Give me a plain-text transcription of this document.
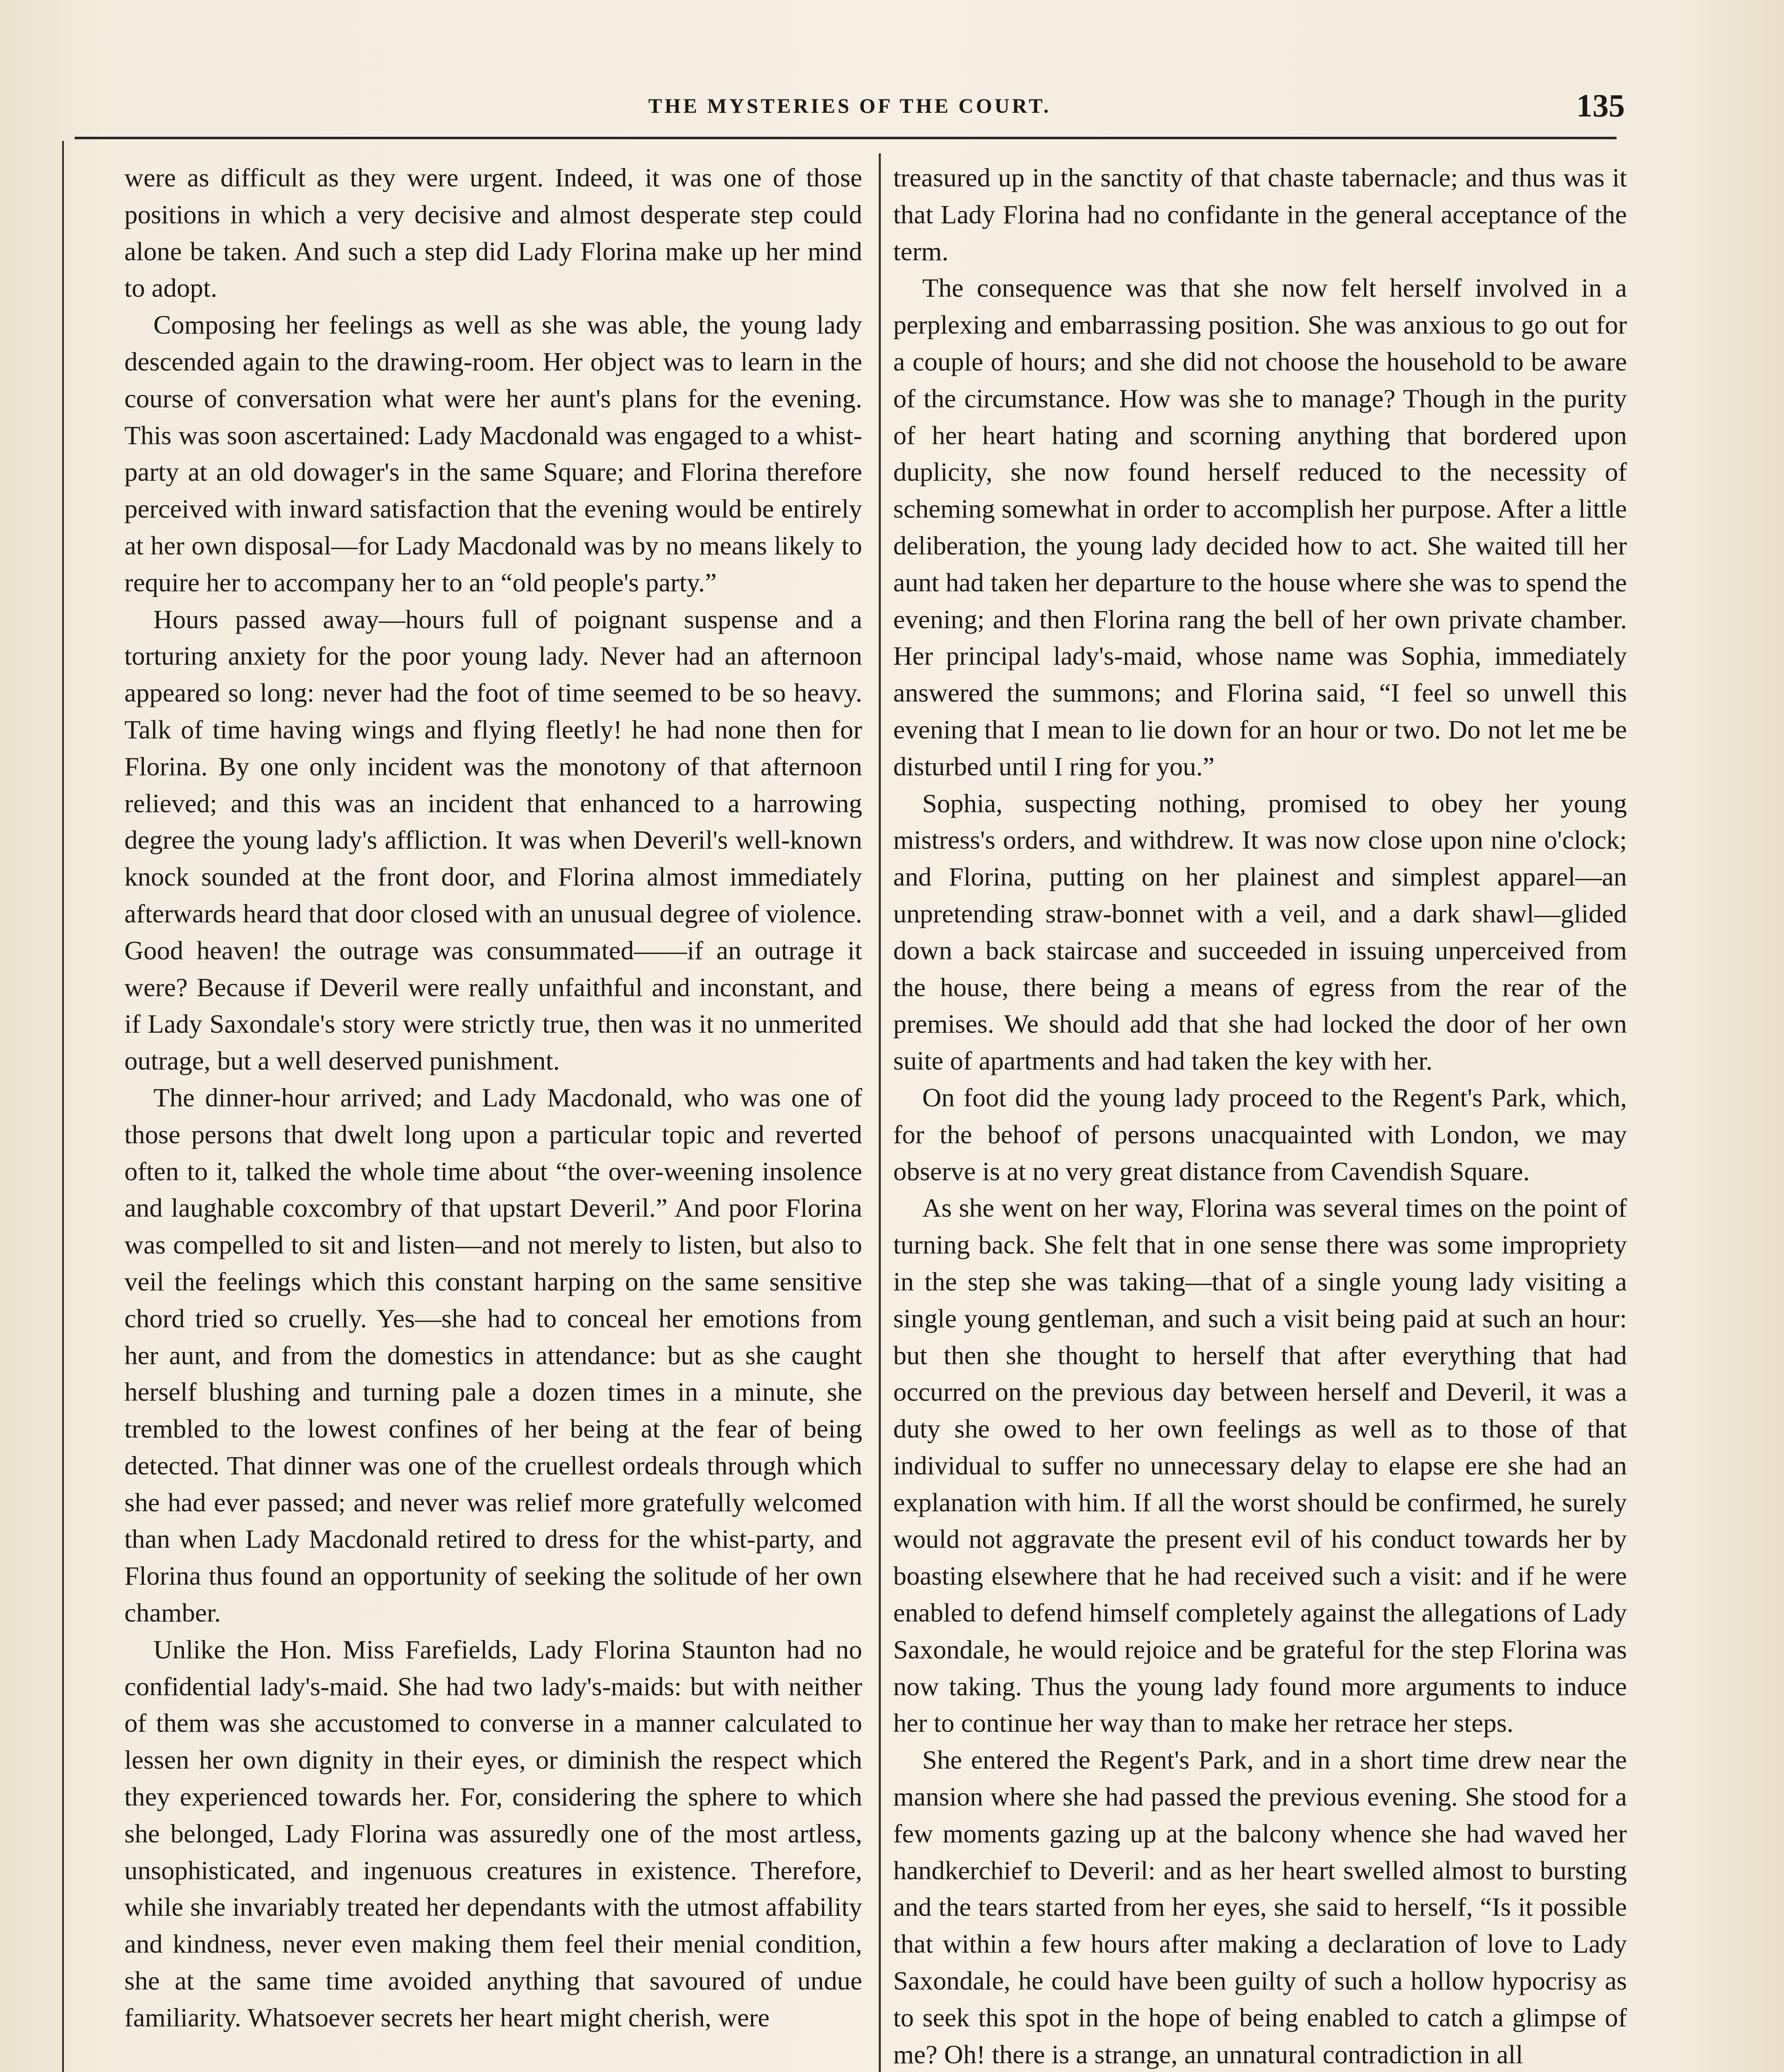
THE MYSTERIES OF THE COURT.	135

were as difficult as they were urgent. Indeed, it was one of those positions in which a very decisive and almost desperate step could alone be taken. And such a step did Lady Florina make up her mind to adopt.

Composing her feelings as well as she was able, the young lady descended again to the drawing-room. Her object was to learn in the course of conversation what were her aunt's plans for the evening. This was soon ascertained: Lady Macdonald was engaged to a whist-party at an old dowager's in the same Square; and Florina therefore perceived with inward satisfaction that the evening would be entirely at her own disposal—for Lady Macdonald was by no means likely to require her to accompany her to an “old people's party.”

Hours passed away—hours full of poignant suspense and a torturing anxiety for the poor young lady. Never had an afternoon appeared so long: never had the foot of time seemed to be so heavy. Talk of time having wings and flying fleetly! he had none then for Florina. By one only incident was the monotony of that afternoon relieved; and this was an incident that enhanced to a harrowing degree the young lady's affliction. It was when Deveril's well-known knock sounded at the front door, and Florina almost immediately afterwards heard that door closed with an unusual degree of violence. Good heaven! the outrage was consummated——if an outrage it were? Because if Deveril were really unfaithful and inconstant, and if Lady Saxondale's story were strictly true, then was it no unmerited outrage, but a well deserved punishment.

The dinner-hour arrived; and Lady Macdonald, who was one of those persons that dwelt long upon a particular topic and reverted often to it, talked the whole time about “the over-weening insolence and laughable coxcombry of that upstart Deveril.” And poor Florina was compelled to sit and listen—and not merely to listen, but also to veil the feelings which this constant harping on the same sensitive chord tried so cruelly. Yes—she had to conceal her emotions from her aunt, and from the domestics in attendance: but as she caught herself blushing and turning pale a dozen times in a minute, she trembled to the lowest confines of her being at the fear of being detected. That dinner was one of the cruellest ordeals through which she had ever passed; and never was relief more gratefully welcomed than when Lady Macdonald retired to dress for the whist-party, and Florina thus found an opportunity of seeking the solitude of her own chamber.

Unlike the Hon. Miss Farefields, Lady Florina Staunton had no confidential lady's-maid. She had two lady's-maids: but with neither of them was she accustomed to converse in a manner calculated to lessen her own dignity in their eyes, or diminish the respect which they experienced towards her. For, considering the sphere to which she belonged, Lady Florina was assuredly one of the most artless, unsophisticated, and ingenuous creatures in existence. Therefore, while she invariably treated her dependants with the utmost affability and kindness, never even making them feel their menial condition, she at the same time avoided anything that savoured of undue familiarity. Whatsoever secrets her heart might cherish, were

treasured up in the sanctity of that chaste tabernacle; and thus was it that Lady Florina had no confidante in the general acceptance of the term.

The consequence was that she now felt herself involved in a perplexing and embarrassing position. She was anxious to go out for a couple of hours; and she did not choose the household to be aware of the circumstance. How was she to manage? Though in the purity of her heart hating and scorning anything that bordered upon duplicity, she now found herself reduced to the necessity of scheming somewhat in order to accomplish her purpose. After a little deliberation, the young lady decided how to act. She waited till her aunt had taken her departure to the house where she was to spend the evening; and then Florina rang the bell of her own private chamber. Her principal lady's-maid, whose name was Sophia, immediately answered the summons; and Florina said, “I feel so unwell this evening that I mean to lie down for an hour or two. Do not let me be disturbed until I ring for you.”

Sophia, suspecting nothing, promised to obey her young mistress's orders, and withdrew. It was now close upon nine o'clock; and Florina, putting on her plainest and simplest apparel—an unpretending straw-bonnet with a veil, and a dark shawl—glided down a back staircase and succeeded in issuing unperceived from the house, there being a means of egress from the rear of the premises. We should add that she had locked the door of her own suite of apartments and had taken the key with her.

On foot did the young lady proceed to the Regent's Park, which, for the behoof of persons unacquainted with London, we may observe is at no very great distance from Cavendish Square.

As she went on her way, Florina was several times on the point of turning back. She felt that in one sense there was some impropriety in the step she was taking—that of a single young lady visiting a single young gentleman, and such a visit being paid at such an hour: but then she thought to herself that after everything that had occurred on the previous day between herself and Deveril, it was a duty she owed to her own feelings as well as to those of that individual to suffer no unnecessary delay to elapse ere she had an explanation with him. If all the worst should be confirmed, he surely would not aggravate the present evil of his conduct towards her by boasting elsewhere that he had received such a visit: and if he were enabled to defend himself completely against the allegations of Lady Saxondale, he would rejoice and be grateful for the step Florina was now taking. Thus the young lady found more arguments to induce her to continue her way than to make her retrace her steps.

She entered the Regent's Park, and in a short time drew near the mansion where she had passed the previous evening. She stood for a few moments gazing up at the balcony whence she had waved her handkerchief to Deveril: and as her heart swelled almost to bursting and the tears started from her eyes, she said to herself, “Is it possible that within a few hours after making a declaration of love to Lady Saxondale, he could have been guilty of such a hollow hypocrisy as to seek this spot in the hope of being enabled to catch a glimpse of me? Oh! there is a strange, an unnatural contradiction in all
